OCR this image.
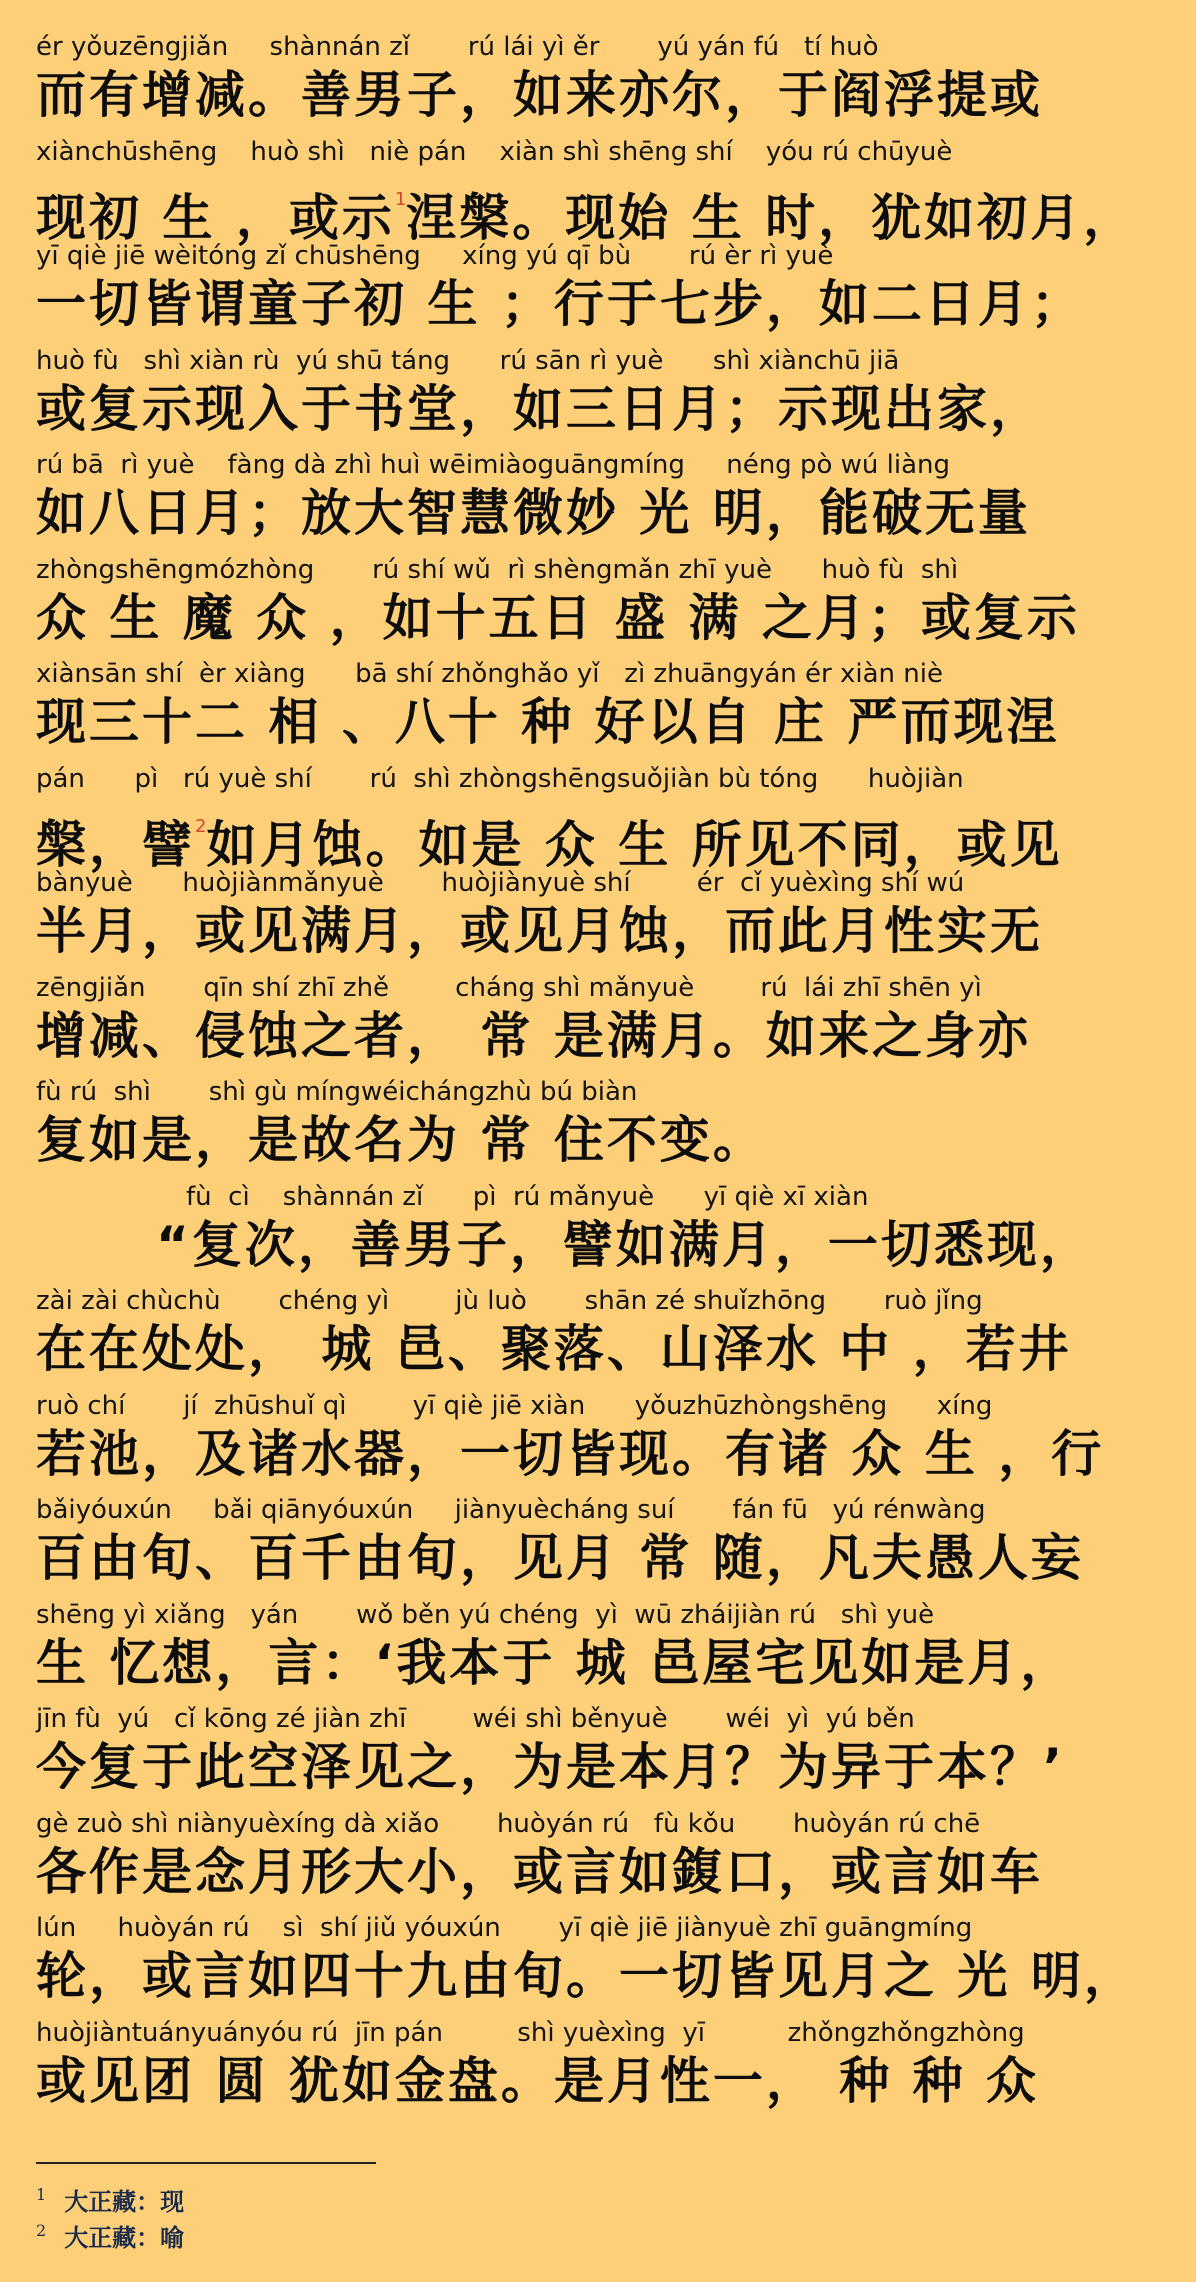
ér yǒuzēngjiǎn     shànnán zǐ       rú lái yì ěr       yú yán fú   tí huò
而有增减。善男子，如来亦尔，于阎浮提或
xiànchūshēng    huò shì   niè pán    xiàn shì shēng shí    yóu rú chūyuè
现初 生 ，或示$^1$涅槃。现始 生 时，犹如初月，
yī qiè jiē wèitóng zǐ chūshēng     xíng yú qī bù       rú èr rì yuè
一切皆谓童子初 生 ；行于七步，如二日月；
huò fù   shì xiàn rù  yú shū táng      rú sān rì yuè      shì xiànchū jiā
或复示现入于书堂，如三日月；示现出家，
rú bā  rì yuè    fàng dà zhì huì wēimiàoguāngmíng     néng pò wú liàng
如八日月；放大智慧微妙 光 明，能破无量
zhòngshēngmózhòng       rú shí wǔ  rì shèngmǎn zhī yuè      huò fù  shì
众 生 魔 众 ，如十五日 盛 满 之月；或复示
xiànsān shí  èr xiàng      bā shí zhǒnghǎo yǐ   zì zhuāngyán ér xiàn niè
现三十二 相 、八十 种 好以自 庄 严而现涅
pán      pì   rú yuè shí       rú  shì zhòngshēngsuǒjiàn bù tóng      huòjiàn
槃，譬$^2$如月蚀。如是 众 生 所见不同，或见
bànyuè      huòjiànmǎnyuè       huòjiànyuè shí        ér  cǐ yuèxìng shí wú
半月，或见满月，或见月蚀，而此月性实无
zēngjiǎn       qīn shí zhī zhě        cháng shì mǎnyuè        rú  lái zhī shēn yì
增减、侵蚀之者， 常 是满月。如来之身亦
fù rú  shì       shì gù míngwéichángzhù bú biàn
复如是，是故名为 常 住不变。
fù  cì    shànnán zǐ      pì  rú mǎnyuè      yī qiè xī xiàn
“复次，善男子，譬如满月，一切悉现，
zài zài chùchù       chéng yì        jù luò       shān zé shuǐzhōng       ruò jǐng
在在处处， 城 邑、聚落、山泽水 中 ，若井
ruò chí       jí  zhūshuǐ qì        yī qiè jiē xiàn      yǒuzhūzhòngshēng      xíng
若池，及诸水器，一切皆现。有诸 众 生 ，行
bǎiyóuxún     bǎi qiānyóuxún     jiànyuècháng suí       fán fū   yú rénwàng
百由旬、百千由旬，见月 常 随，凡夫愚人妄
shēng yì xiǎng   yán       wǒ běn yú chéng  yì  wū zháijiàn rú   shì yuè
生 忆想，言：‘我本于 城 邑屋宅见如是月，
jīn fù  yú   cǐ kōng zé jiàn zhī        wéi shì běnyuè       wéi  yì  yú běn
今复于此空泽见之，为是本月？为异于本？’
gè zuò shì niànyuèxíng dà xiǎo       huòyán rú   fù kǒu       huòyán rú chē
各作是念月形大小，或言如鍑口，或言如车
lún     huòyán rú    sì  shí jiǔ yóuxún       yī qiè jiē jiànyuè zhī guāngmíng
轮，或言如四十九由旬。一切皆见月之 光 明，
huòjiàntuányuányóu rú  jīn pán         shì yuèxìng  yī          zhǒngzhǒngzhòng
或见团 圆 犹如金盘。是月性一， 种 种 众
$^1$ 大正藏：现
$^2$ 大正藏：喻
